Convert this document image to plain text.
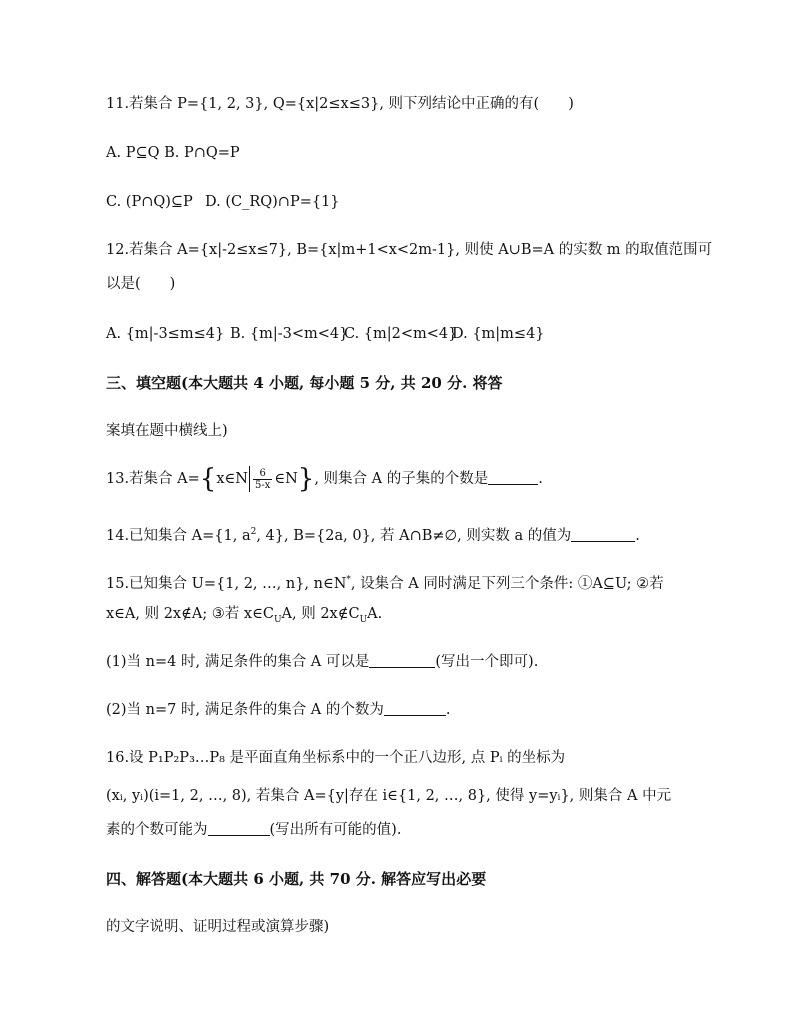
11.若集合 P={1, 2, 3}, Q={x|2≤x≤3}, 则下列结论中正确的有(　　)
A. P⊆Q B. P∩Q=P
C. (P∩Q)⊆P D. (C_RQ)∩P={1}
12.若集合 A={x|-2≤x≤7}, B={x|m+1<x<2m-1}, 则使 A∪B=A 的实数 m 的取值范围可
以是(　　)
A. {m|-3≤m≤4} B. {m|-3<m<4}
C. {m|2<m<4}
D. {m|m≤4}
三、填空题(本大题共 4 小题, 每小题 5 分, 共 20 分. 将答
案填在题中横线上)
13.若集合 A={x∈N $\frac{6}{5-x}$ ∈N}, 则集合 A 的子集的个数是	.
14.已知集合 A={1, $a^2$, 4}, B={2a, 0}, 若 A∩B≠∅, 则实数 a 的值为	.
15.已知集合 U={1, 2, …, n}, n∈N*, 设集合 A 同时满足下列三个条件: ①A⊆U; ②若
x∈A, 则 2x∉A; ③若 $x\in C_UA$, 则 $2x\notin C_UA$.
(1)当 n=4 时, 满足条件的集合 A 可以是	(写出一个即可).
(2)当 n=7 时, 满足条件的集合 A 的个数为	.
16.设 P₁P₂P₃…P₈ 是平面直角坐标系中的一个正八边形, 点 Pᵢ 的坐标为
(xᵢ, yᵢ)(i=1, 2, …, 8), 若集合 A={y|存在 i∈{1, 2, …, 8}, 使得 y=yᵢ}, 则集合 A 中元
素的个数可能为	(写出所有可能的值).
四、解答题(本大题共 6 小题, 共 70 分. 解答应写出必要
的文字说明、证明过程或演算步骤)
